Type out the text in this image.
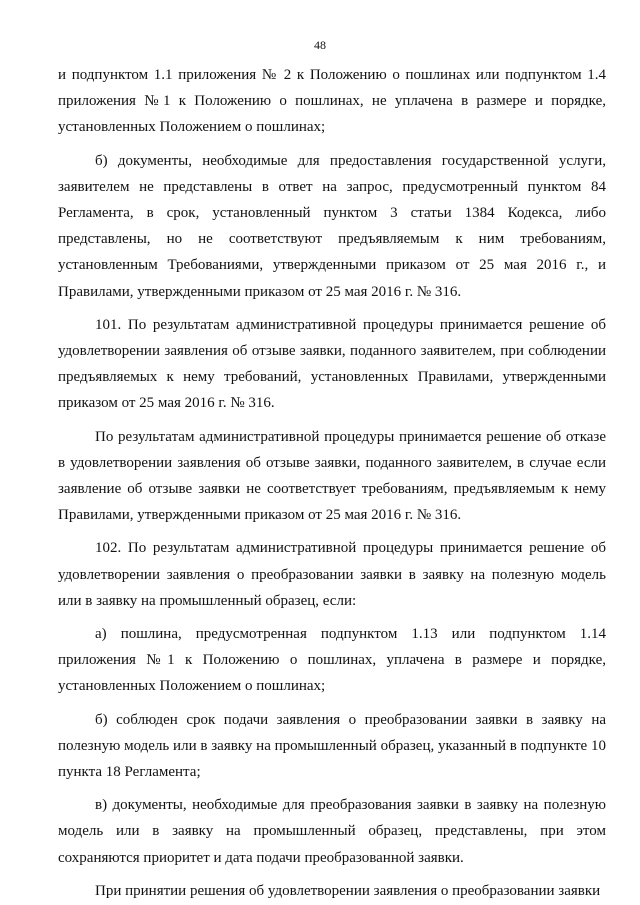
48

и подпунктом 1.1 приложения № 2 к Положению о пошлинах или подпунктом 1.4 приложения №1 к Положению о пошлинах, не уплачена в размере и порядке, установленных Положением о пошлинах;

б) документы, необходимые для предоставления государственной услуги, заявителем не представлены в ответ на запрос, предусмотренный пунктом 84 Регламента, в срок, установленный пунктом 3 статьи 1384 Кодекса, либо представлены, но не соответствуют предъявляемым к ним требованиям, установленным Требованиями, утвержденными приказом от 25 мая 2016 г., и Правилами, утвержденными приказом от 25 мая 2016 г. № 316.

101. По результатам административной процедуры принимается решение об удовлетворении заявления об отзыве заявки, поданного заявителем, при соблюдении предъявляемых к нему требований, установленных Правилами, утвержденными приказом от 25 мая 2016 г. № 316.

По результатам административной процедуры принимается решение об отказе в удовлетворении заявления об отзыве заявки, поданного заявителем, в случае если заявление об отзыве заявки не соответствует требованиям, предъявляемым к нему Правилами, утвержденными приказом от 25 мая 2016 г. № 316.

102. По результатам административной процедуры принимается решение об удовлетворении заявления о преобразовании заявки в заявку на полезную модель или в заявку на промышленный образец, если:

а) пошлина, предусмотренная подпунктом 1.13 или подпунктом 1.14 приложения №1 к Положению о пошлинах, уплачена в размере и порядке, установленных Положением о пошлинах;

б) соблюден срок подачи заявления о преобразовании заявки в заявку на полезную модель или в заявку на промышленный образец, указанный в подпункте 10 пункта 18 Регламента;

в) документы, необходимые для преобразования заявки в заявку на полезную модель или в заявку на промышленный образец, представлены, при этом сохраняются приоритет и дата подачи преобразованной заявки.

При принятии решения об удовлетворении заявления о преобразовании заявки
